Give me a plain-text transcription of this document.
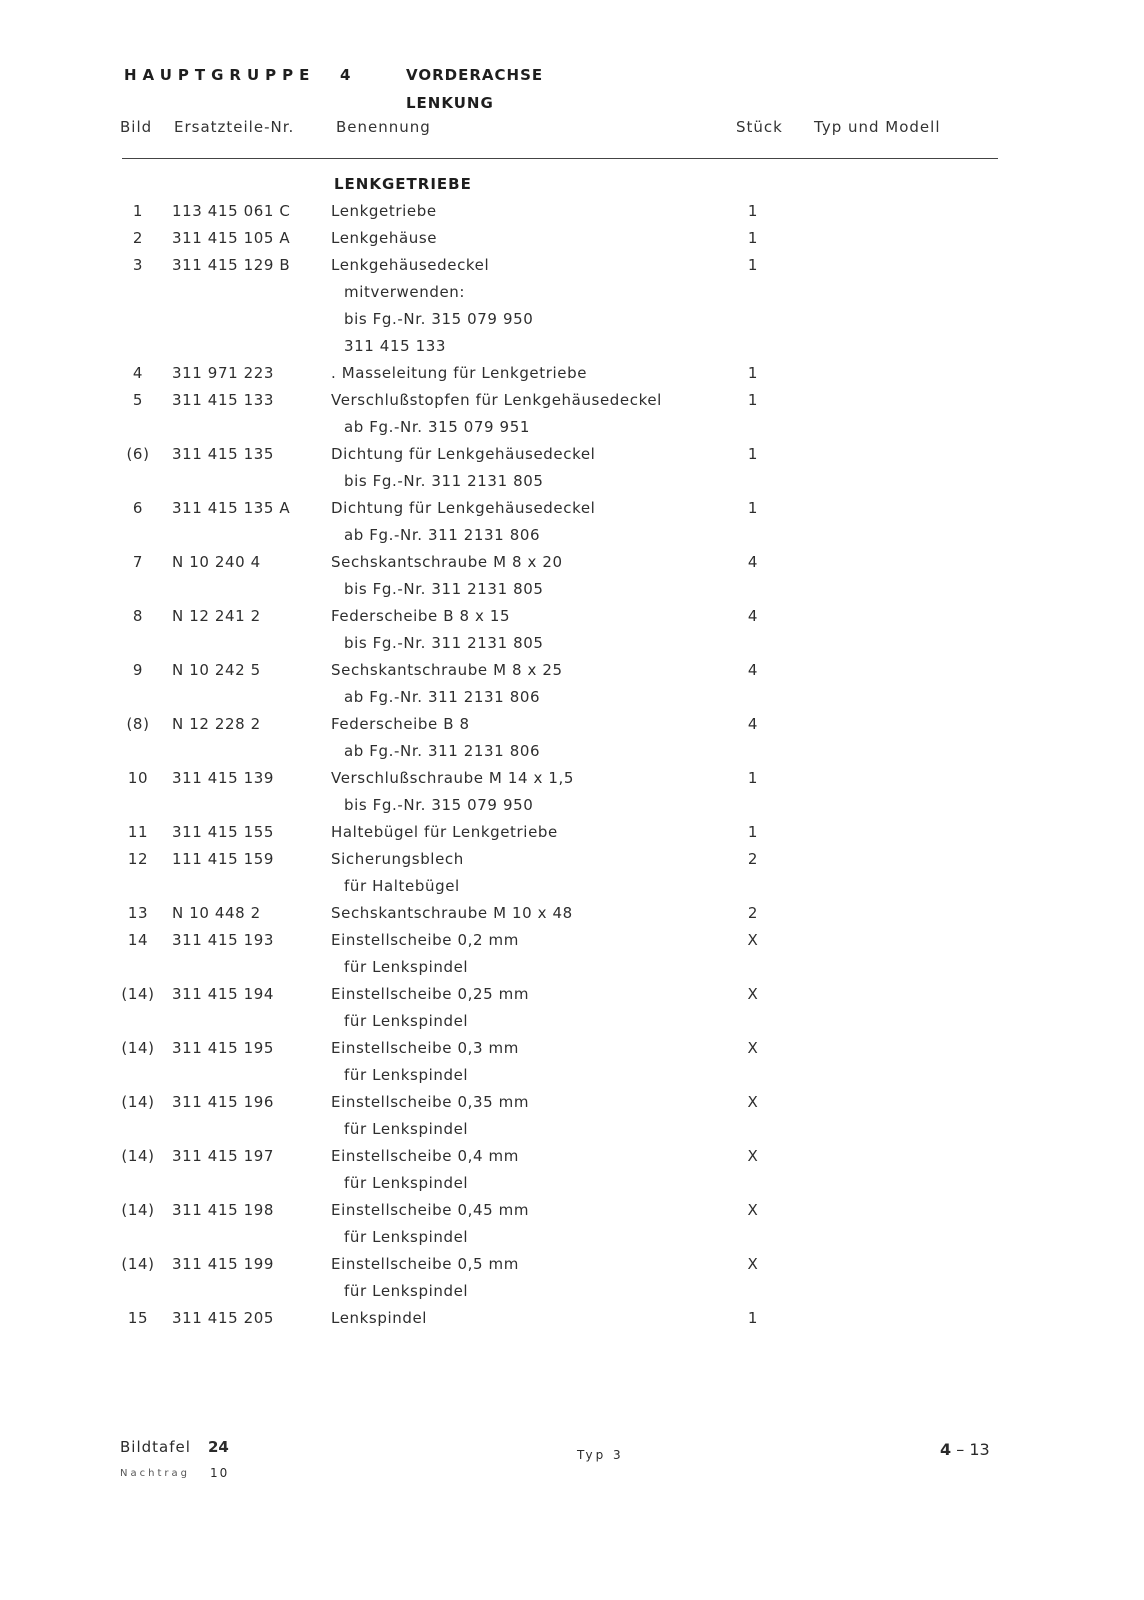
HAUPTGRUPPE 4	VORDERACHSE
LENKUNG
Bild Ersatzteile-Nr.	Benennung	Stück Typ und Modell
LENKGETRIEBE
1	113 415 061 C	Lenkgetriebe	1
2	311 415 105 A	Lenkgehäuse	1
3	311 415 129 B	Lenkgehäusedeckel	1
mitverwenden:
bis Fg.-Nr. 315 079 950
311 415 133
4	311 971 223	. Masseleitung für Lenkgetriebe	1
5	311 415 133	Verschlußstopfen für Lenkgehäusedeckel	1
ab Fg.-Nr. 315 079 951
(6)	311 415 135	Dichtung für Lenkgehäusedeckel	1
bis Fg.-Nr. 311 2131 805
6	311 415 135 A	Dichtung für Lenkgehäusedeckel	1
ab Fg.-Nr. 311 2131 806
7	N 10 240 4	Sechskantschraube M 8 x 20	4
bis Fg.-Nr. 311 2131 805
8	N 12 241 2	Federscheibe B 8 x 15	4
bis Fg.-Nr. 311 2131 805
9	N 10 242 5	Sechskantschraube M 8 x 25	4
ab Fg.-Nr. 311 2131 806
(8)	N 12 228 2	Federscheibe B 8	4
ab Fg.-Nr. 311 2131 806
10	311 415 139	Verschlußschraube M 14 x 1,5	1
bis Fg.-Nr. 315 079 950
11	311 415 155	Haltebügel für Lenkgetriebe	1
12	111 415 159	Sicherungsblech	2
für Haltebügel
13	N 10 448 2	Sechskantschraube M 10 x 48	2
14	311 415 193	Einstellscheibe 0,2 mm	X
für Lenkspindel
(14) 311 415 194	Einstellscheibe 0,25 mm	X
für Lenkspindel
(14) 311 415 195	Einstellscheibe 0,3 mm	X
für Lenkspindel
(14) 311 415 196	Einstellscheibe 0,35 mm	X
für Lenkspindel
(14) 311 415 197	Einstellscheibe 0,4 mm	X
für Lenkspindel
(14) 311 415 198	Einstellscheibe 0,45 mm	X
für Lenkspindel
(14) 311 415 199	Einstellscheibe 0,5 mm	X
für Lenkspindel
15	311 415 205	Lenkspindel	1
Bildtafel 24
Nachtrag 10
Typ 3	4 – 13
